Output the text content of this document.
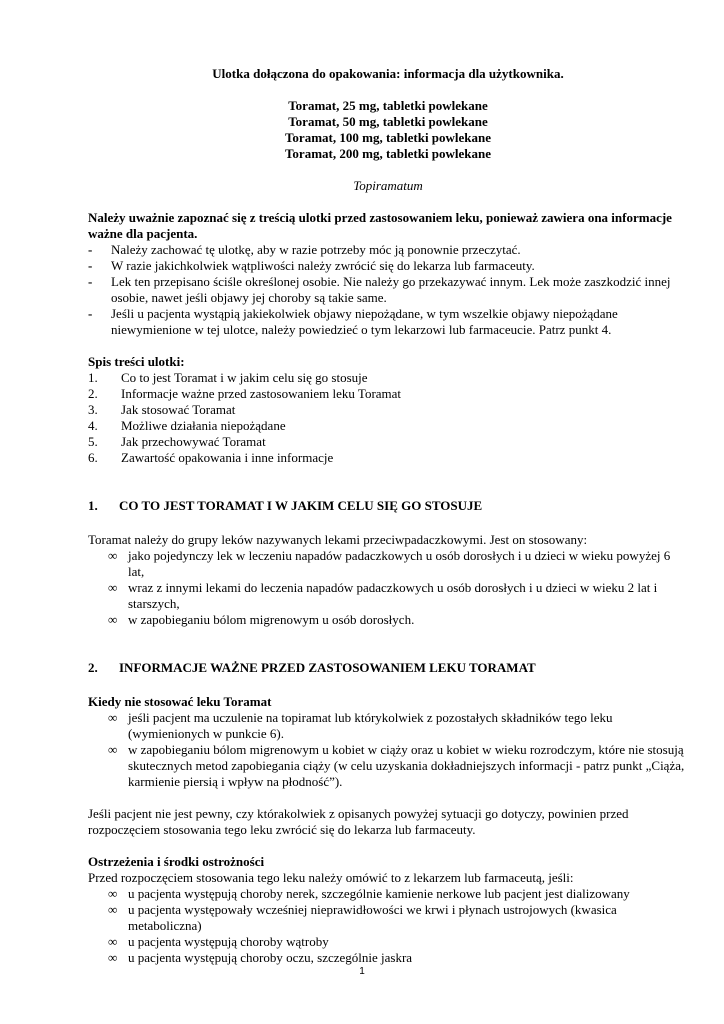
Ulotka dołączona do opakowania: informacja dla użytkownika.
Toramat, 25 mg, tabletki powlekane
Toramat, 50 mg, tabletki powlekane
Toramat, 100 mg, tabletki powlekane
Toramat, 200 mg, tabletki powlekane
Topiramatum

Należy uważnie zapoznać się z treścią ulotki przed zastosowaniem leku, ponieważ zawiera ona informacje ważne dla pacjenta.

- Należy zachować tę ulotkę, aby w razie potrzeby móc ją ponownie przeczytać.
- W razie jakichkolwiek wątpliwości należy zwrócić się do lekarza lub farmaceuty.
- Lek ten przepisano ściśle określonej osobie. Nie należy go przekazywać innym. Lek może zaszkodzić innej osobie, nawet jeśli objawy jej choroby są takie same.
- Jeśli u pacjenta wystąpią jakiekolwiek objawy niepożądane, w tym wszelkie objawy niepożądane niewymienione w tej ulotce, należy powiedzieć o tym lekarzowi lub farmaceucie. Patrz punkt 4.

Spis treści ulotki:

1. Co to jest Toramat i w jakim celu się go stosuje
2. Informacje ważne przed zastosowaniem leku Toramat
3. Jak stosować Toramat
4. Możliwe działania niepożądane
5. Jak przechowywać Toramat
6. Zawartość opakowania i inne informacje
1. CO TO JEST TORAMAT I W JAKIM CELU SIĘ GO STOSUJE

Toramat należy do grupy leków nazywanych lekami przeciwpadaczkowymi. Jest on stosowany:

∞ jako pojedynczy lek w leczeniu napadów padaczkowych u osób dorosłych i u dzieci w wieku powyżej 6 lat,
∞ wraz z innymi lekami do leczenia napadów padaczkowych u osób dorosłych i u dzieci w wieku 2 lat i starszych,
∞ w zapobieganiu bólom migrenowym u osób dorosłych.
2. INFORMACJE WAŻNE PRZED ZASTOSOWANIEM LEKU TORAMAT

Kiedy nie stosować leku Toramat

∞ jeśli pacjent ma uczulenie na topiramat lub którykolwiek z pozostałych składników tego leku (wymienionych w punkcie 6).
∞ w zapobieganiu bólom migrenowym u kobiet w ciąży oraz u kobiet w wieku rozrodczym, które nie stosują skutecznych metod zapobiegania ciąży (w celu uzyskania dokładniejszych informacji - patrz punkt „Ciąża, karmienie piersią i wpływ na płodność”).

Jeśli pacjent nie jest pewny, czy którakolwiek z opisanych powyżej sytuacji go dotyczy, powinien przed rozpoczęciem stosowania tego leku zwrócić się do lekarza lub farmaceuty.

Ostrzeżenia i środki ostrożności

Przed rozpoczęciem stosowania tego leku należy omówić to z lekarzem lub farmaceutą, jeśli:

∞ u pacjenta występują choroby nerek, szczególnie kamienie nerkowe lub pacjent jest dializowany
∞ u pacjenta występowały wcześniej nieprawidłowości we krwi i płynach ustrojowych (kwasica metaboliczna)
∞ u pacjenta występują choroby wątroby
∞ u pacjenta występują choroby oczu, szczególnie jaskra
1
